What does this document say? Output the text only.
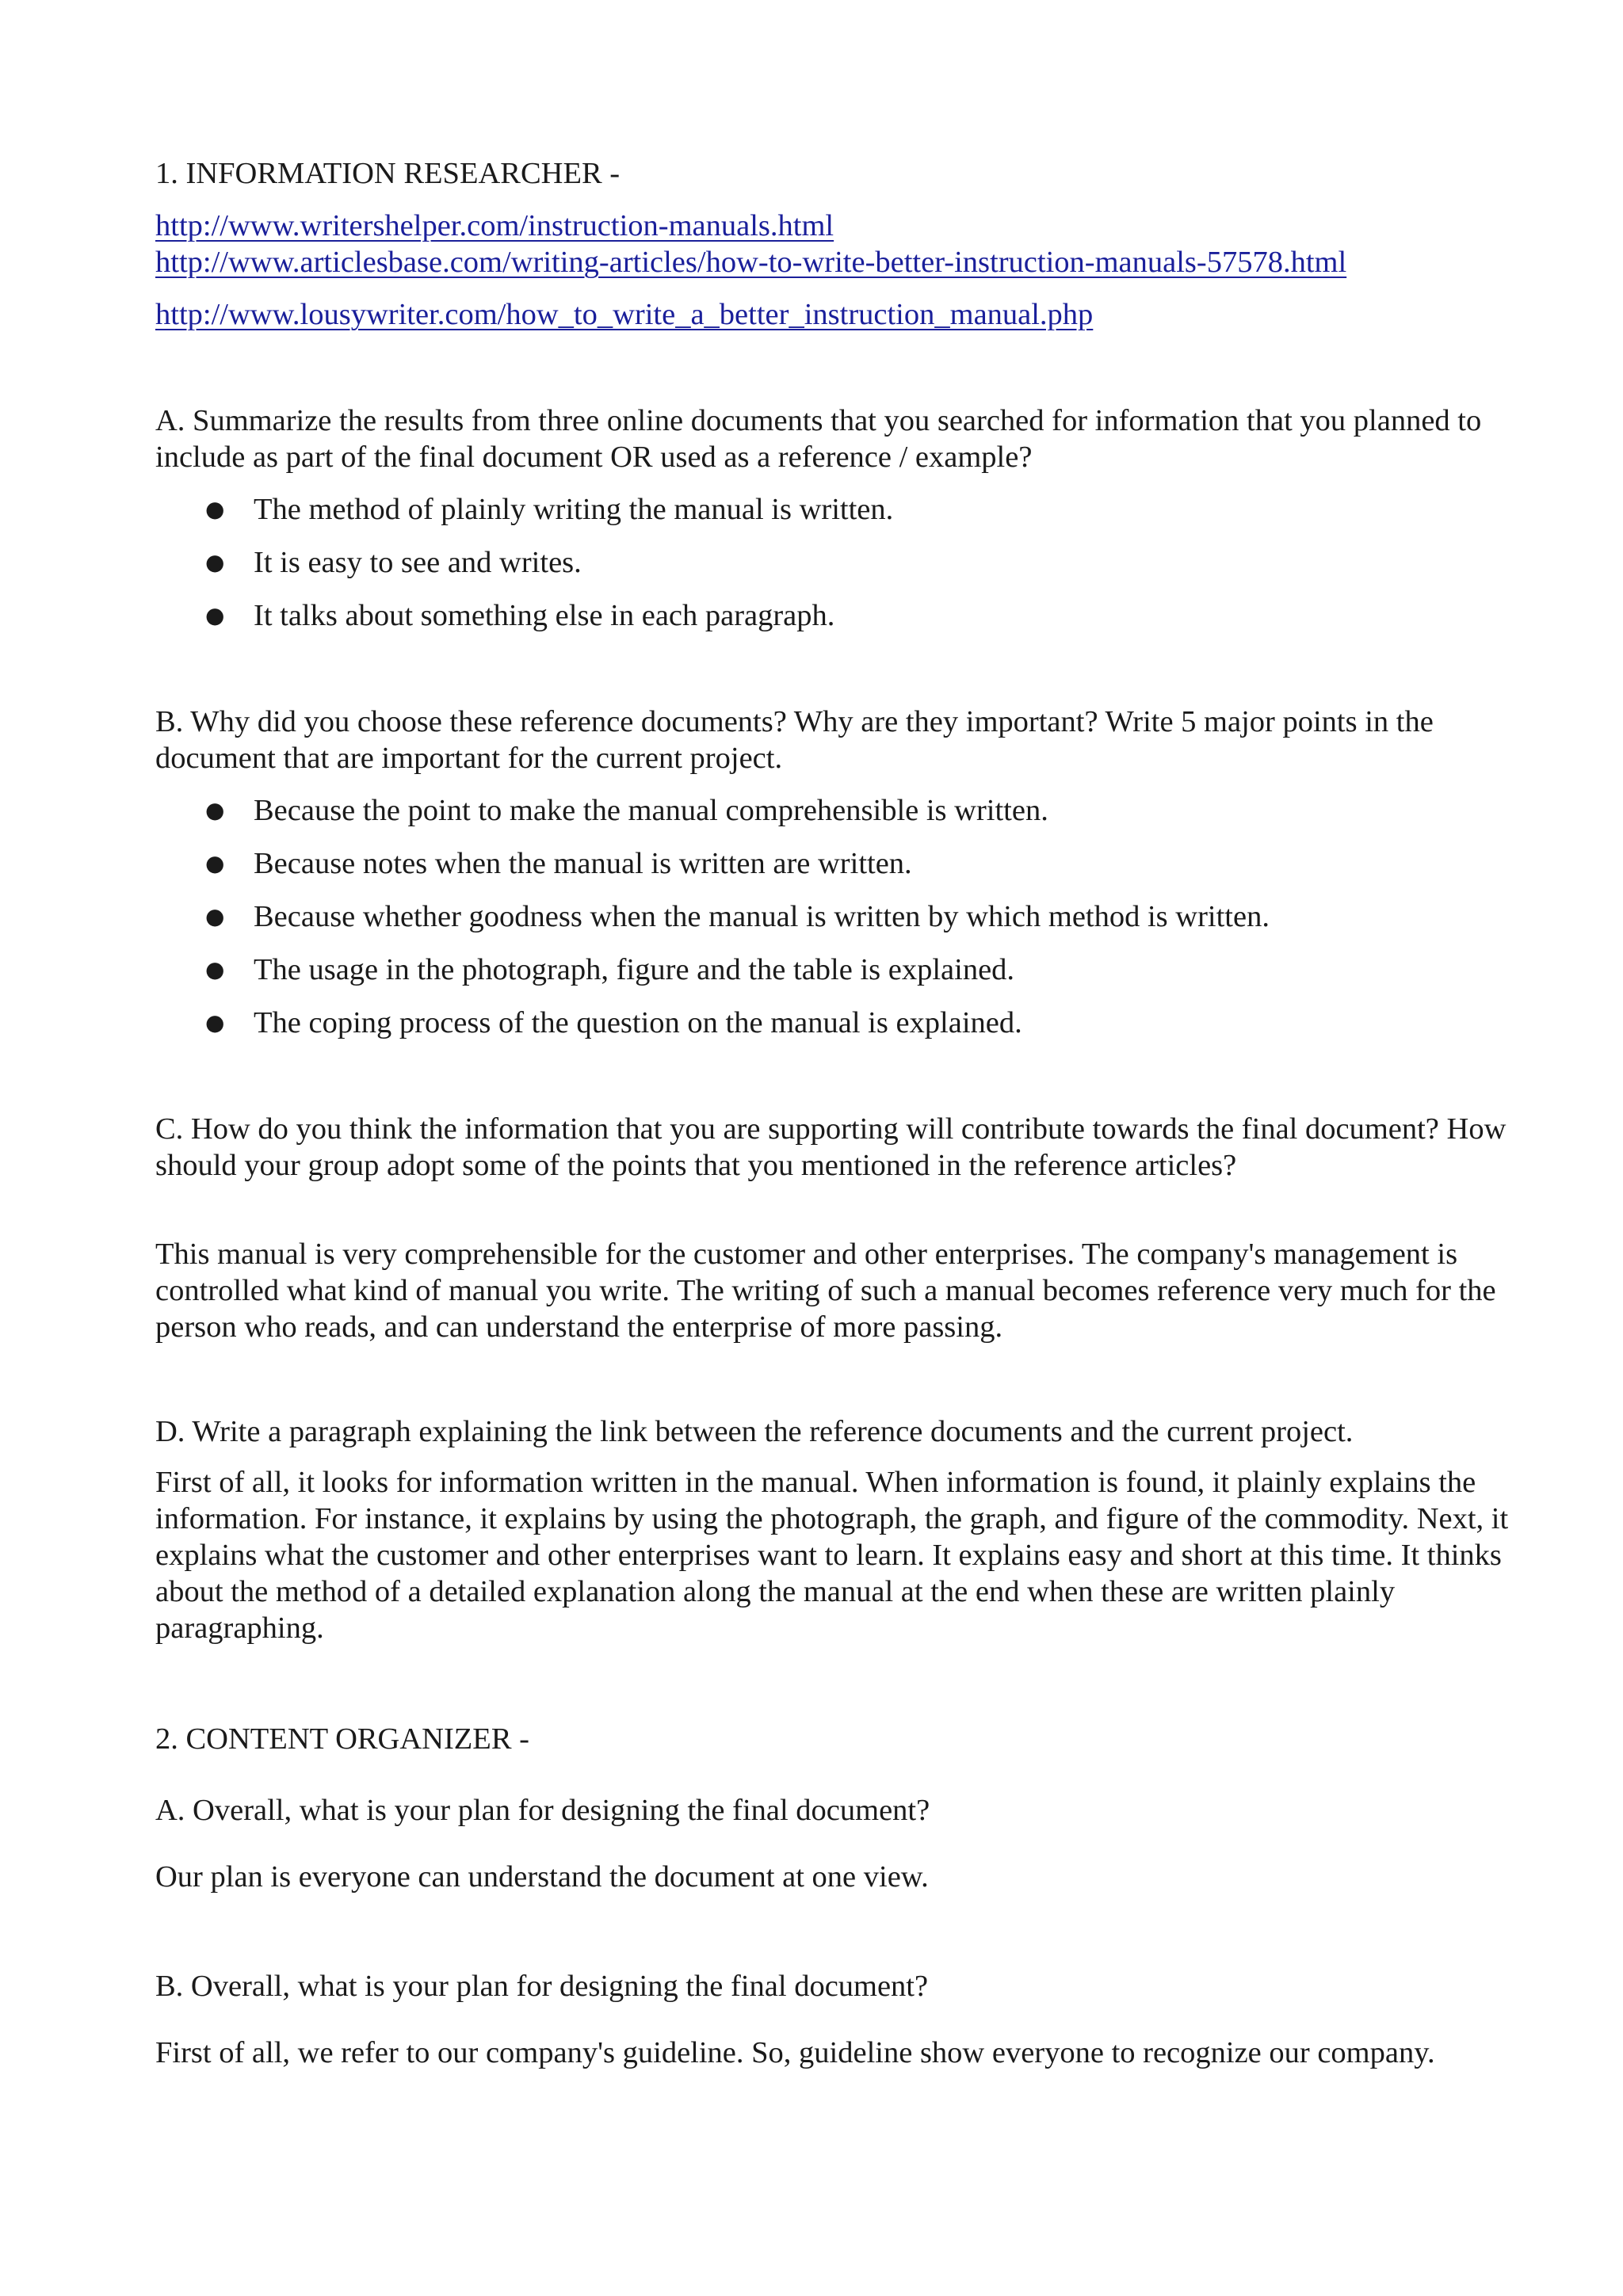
1. INFORMATION RESEARCHER -

http://www.writershelper.com/instruction-manuals.html
http://www.articlesbase.com/writing-articles/how-to-write-better-instruction-manuals-57578.html
http://www.lousywriter.com/how_to_write_a_better_instruction_manual.php

A. Summarize the results from three online documents that you searched for information that you planned to include as part of the final document OR used as a reference / example?

● The method of plainly writing the manual is written.
● It is easy to see and writes.
● It talks about something else in each paragraph.

B. Why did you choose these reference documents? Why are they important? Write 5 major points in the document that are important for the current project.

● Because the point to make the manual comprehensible is written.
● Because notes when the manual is written are written.
● Because whether goodness when the manual is written by which method is written.
● The usage in the photograph, figure and the table is explained.
● The coping process of the question on the manual is explained.

C. How do you think the information that you are supporting will contribute towards the final document? How should your group adopt some of the points that you mentioned in the reference articles?

This manual is very comprehensible for the customer and other enterprises. The company's management is controlled what kind of manual you write. The writing of such a manual becomes reference very much for the person who reads, and can understand the enterprise of more passing.

D. Write a paragraph explaining the link between the reference documents and the current project.

First of all, it looks for information written in the manual. When information is found, it plainly explains the information. For instance, it explains by using the photograph, the graph, and figure of the commodity. Next, it explains what the customer and other enterprises want to learn. It explains easy and short at this time. It thinks about the method of a detailed explanation along the manual at the end when these are written plainly paragraphing.

2. CONTENT ORGANIZER -

A. Overall, what is your plan for designing the final document?

Our plan is everyone can understand the document at one view.

B. Overall, what is your plan for designing the final document?

First of all, we refer to our company's guideline. So, guideline show everyone to recognize our company.
